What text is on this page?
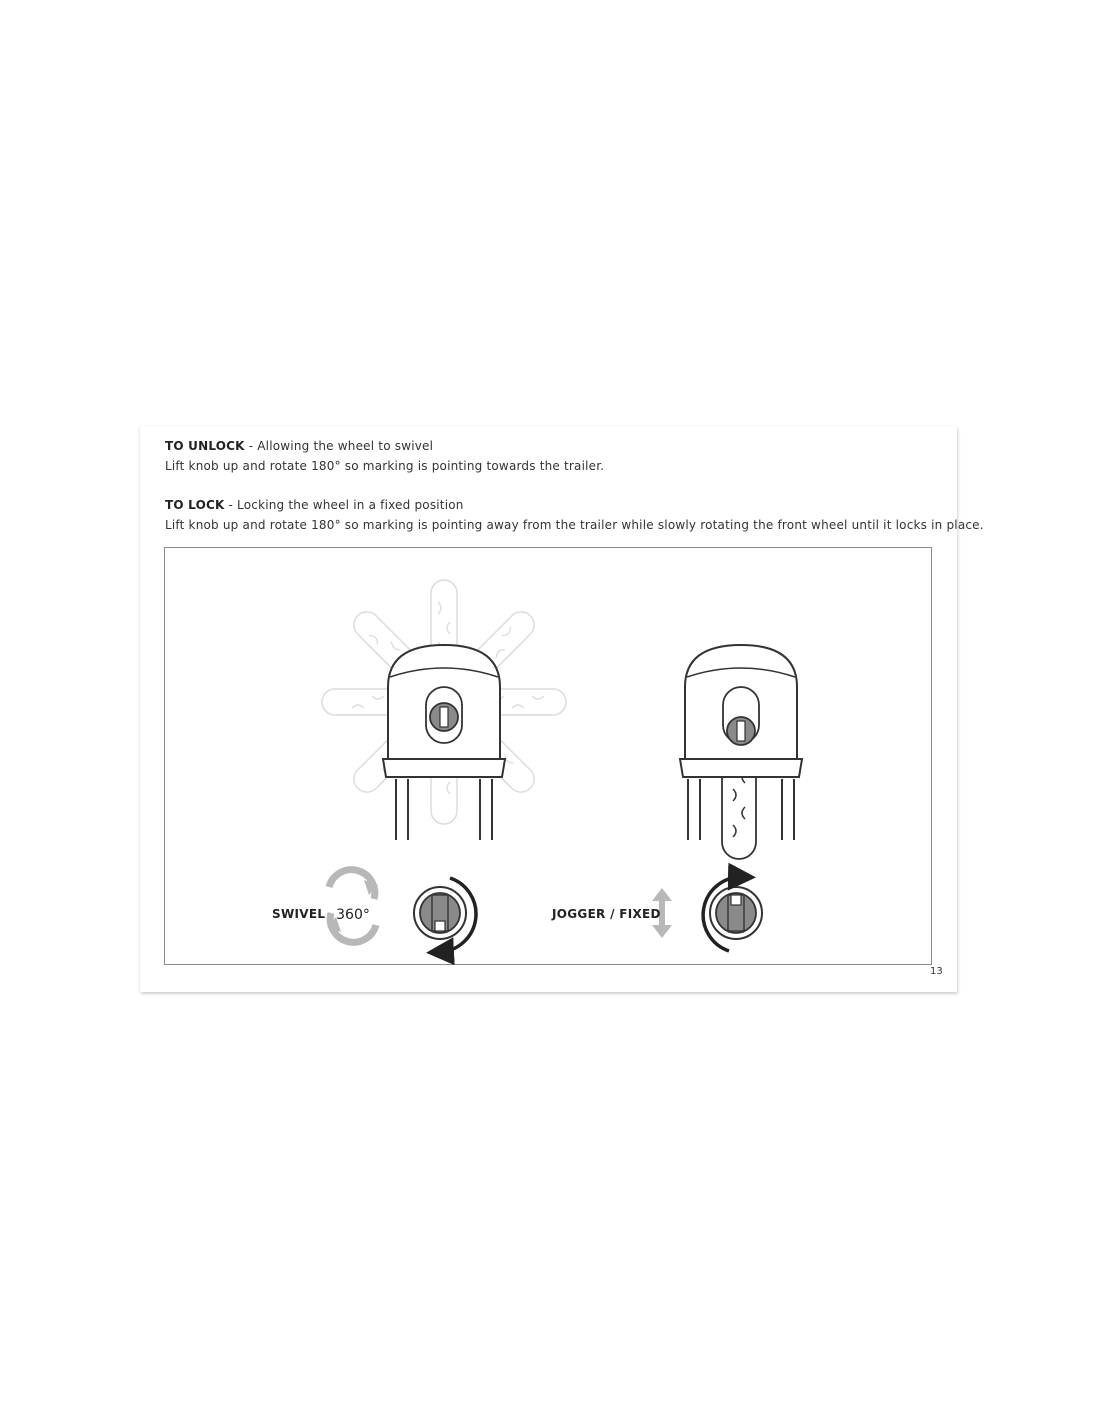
TO UNLOCK - Allowing the wheel to swivel
Lift knob up and rotate 180° so marking is pointing towards the trailer.
TO LOCK - Locking the wheel in a fixed position
Lift knob up and rotate 180° so marking is pointing away from the trailer while slowly rotating the front wheel until it locks in place.
360°
SWIVEL	JOGGER / FIXED
13
